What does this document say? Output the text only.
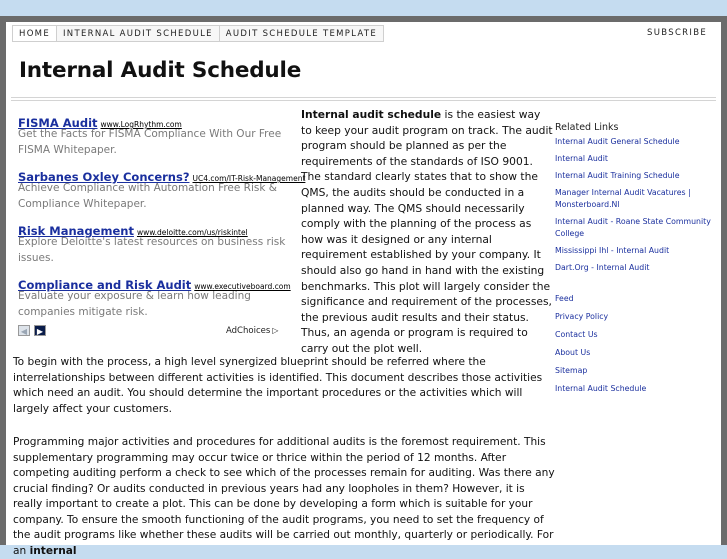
HOME	INTERNAL AUDIT SCHEDULE	AUDIT SCHEDULE TEMPLATE	SUBSCRIBE
Internal Audit Schedule
FISMA Audit www.LogRhythm.com
Get the Facts for FISMA Compliance With Our Free FISMA Whitepaper.
Sarbanes Oxley Concerns? UC4.com/IT-Risk-Management
Achieve Compliance with Automation Free Risk & Compliance Whitepaper.
Risk Management www.deloitte.com/us/riskintel
Explore Deloitte's latest resources on business risk issues.
Compliance and Risk Audit www.executiveboard.com
Evaluate your exposure & learn how leading companies mitigate risk.
◀	▶	AdChoices ▷
Internal audit schedule is the easiest way to keep your audit program on track. The audit program should be planned as per the requirements of the standards of ISO 9001. The standard clearly states that to show the QMS, the audits should be conducted in a planned way. The QMS should necessarily comply with the planning of the process as how was it designed or any internal requirement established by your company. It should also go hand in hand with the existing benchmarks. This plot will largely consider the significance and requirement of the processes, the previous audit results and their status. Thus, an agenda or program is required to carry out the plot well.

To begin with the process, a high level synergized blueprint should be referred where the interrelationships between different activities is identified. This document describes those activities which need an audit. You should determine the important procedures or the activities which will largely affect your customers.

Programming major activities and procedures for additional audits is the foremost requirement. This supplementary programming may occur twice or thrice within the period of 12 months. After competing auditing perform a check to see which of the processes remain for auditing. Was there any crucial finding? Or audits conducted in previous years had any loopholes in them? However, it is really important to create a plot. This can be done by developing a form which is suitable for your company. To ensure the smooth functioning of the audit programs, you need to set the frequency of the audit programs like whether these audits will be carried out monthly, quarterly or periodically. For an internal

Related Links
Internal Audit General Schedule
Internal Audit
Internal Audit Training Schedule
Manager Internal Audit Vacatures | Monsterboard.Nl
Internal Audit - Roane State Community College
Mississippi Ihl - Internal Audit
Dart.Org - Internal Audit
Feed
Privacy Policy
Contact Us
About Us
Sitemap
Internal Audit Schedule
